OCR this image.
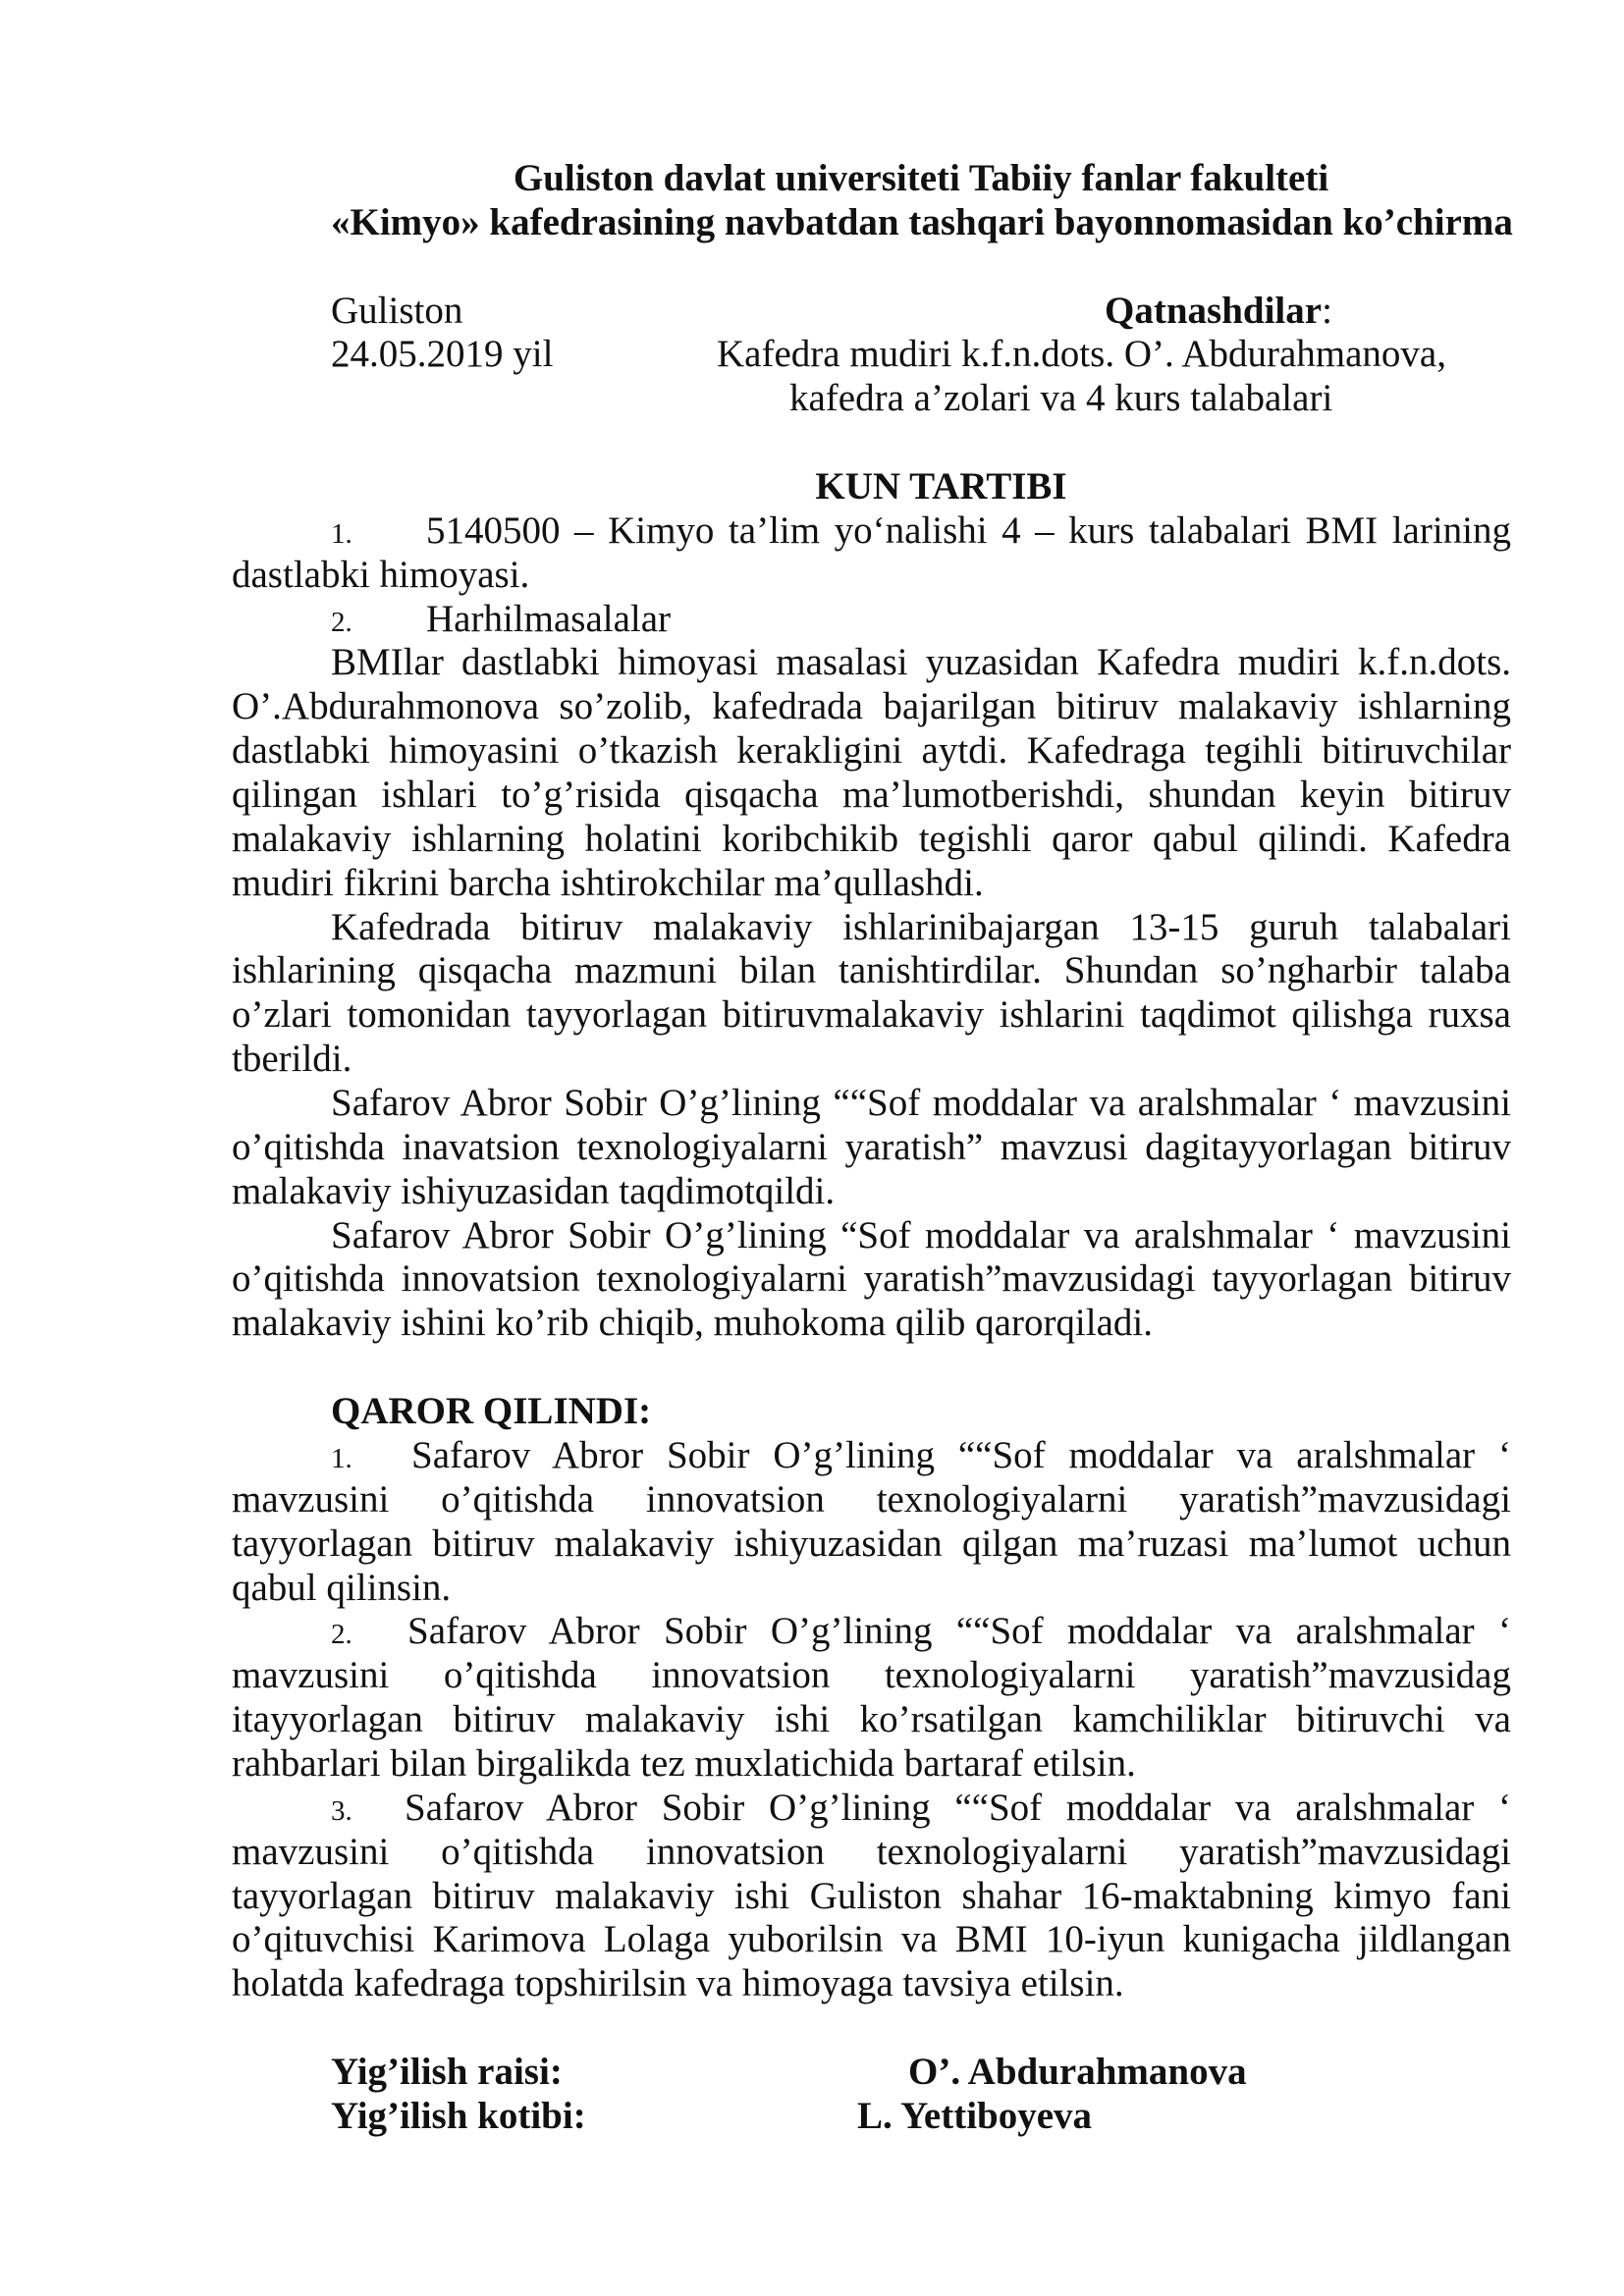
Guliston davlat universiteti Tabiiy fanlar fakulteti
«Kimyo» kafedrasining navbatdan tashqari bayonnomasidan ko’chirma
Guliston	Qatnashdilar:
24.05.2019 yil	Kafedra mudiri k.f.n.dots. O’. Abdurahmanova,
kafedra a’zolari va 4 kurs talabalari
KUN TARTIBI
1. 5140500 – Kimyo ta’lim yo‘nalishi 4 – kurs talabalari BMI larining
dastlabki himoyasi.
2. Harhilmasalalar
BMIlar dastlabki himoyasi masalasi yuzasidan Kafedra mudiri k.f.n.dots.
O’.Abdurahmonova so’zolib, kafedrada bajarilgan bitiruv malakaviy ishlarning
dastlabki himoyasini o’tkazish kerakligini aytdi. Kafedraga tegihli bitiruvchilar
qilingan ishlari to’g’risida qisqacha ma’lumotberishdi, shundan keyin bitiruv
malakaviy ishlarning holatini koribchikib tegishli qaror qabul qilindi. Kafedra
mudiri fikrini barcha ishtirokchilar ma’qullashdi.
Kafedrada bitiruv malakaviy ishlarinibajargan 13-15 guruh talabalari
ishlarining qisqacha mazmuni bilan tanishtirdilar. Shundan so’ngharbir talaba
o’zlari tomonidan tayyorlagan bitiruvmalakaviy ishlarini taqdimot qilishga ruxsa
tberildi.
Safarov Abror Sobir O’g’lining ““Sof moddalar va aralshmalar ‘ mavzusini
o’qitishda inavatsion texnologiyalarni yaratish” mavzusi dagitayyorlagan bitiruv
malakaviy ishiyuzasidan taqdimotqildi.
Safarov Abror Sobir O’g’lining “Sof moddalar va aralshmalar ‘ mavzusini
o’qitishda innovatsion texnologiyalarni yaratish”mavzusidagi tayyorlagan bitiruv
malakaviy ishini ko’rib chiqib, muhokoma qilib qarorqiladi.
QAROR QILINDI:
1. Safarov Abror Sobir O’g’lining ““Sof moddalar va aralshmalar ‘
mavzusini o’qitishda innovatsion texnologiyalarni yaratish”mavzusidagi
tayyorlagan bitiruv malakaviy ishiyuzasidan qilgan ma’ruzasi ma’lumot uchun
qabul qilinsin.
2. Safarov Abror Sobir O’g’lining ““Sof moddalar va aralshmalar ‘
mavzusini o’qitishda innovatsion texnologiyalarni yaratish”mavzusidag
itayyorlagan bitiruv malakaviy ishi ko’rsatilgan kamchiliklar bitiruvchi va
rahbarlari bilan birgalikda tez muxlatichida bartaraf etilsin.
3. Safarov Abror Sobir O’g’lining ““Sof moddalar va aralshmalar ‘
mavzusini o’qitishda innovatsion texnologiyalarni yaratish”mavzusidagi
tayyorlagan bitiruv malakaviy ishi Guliston shahar 16-maktabning kimyo fani
o’qituvchisi Karimova Lolaga yuborilsin va BMI 10-iyun kunigacha jildlangan
holatda kafedraga topshirilsin va himoyaga tavsiya etilsin.
Yig’ilish raisi:	O’. Abdurahmanova
Yig’ilish kotibi:	L. Yettiboyeva
